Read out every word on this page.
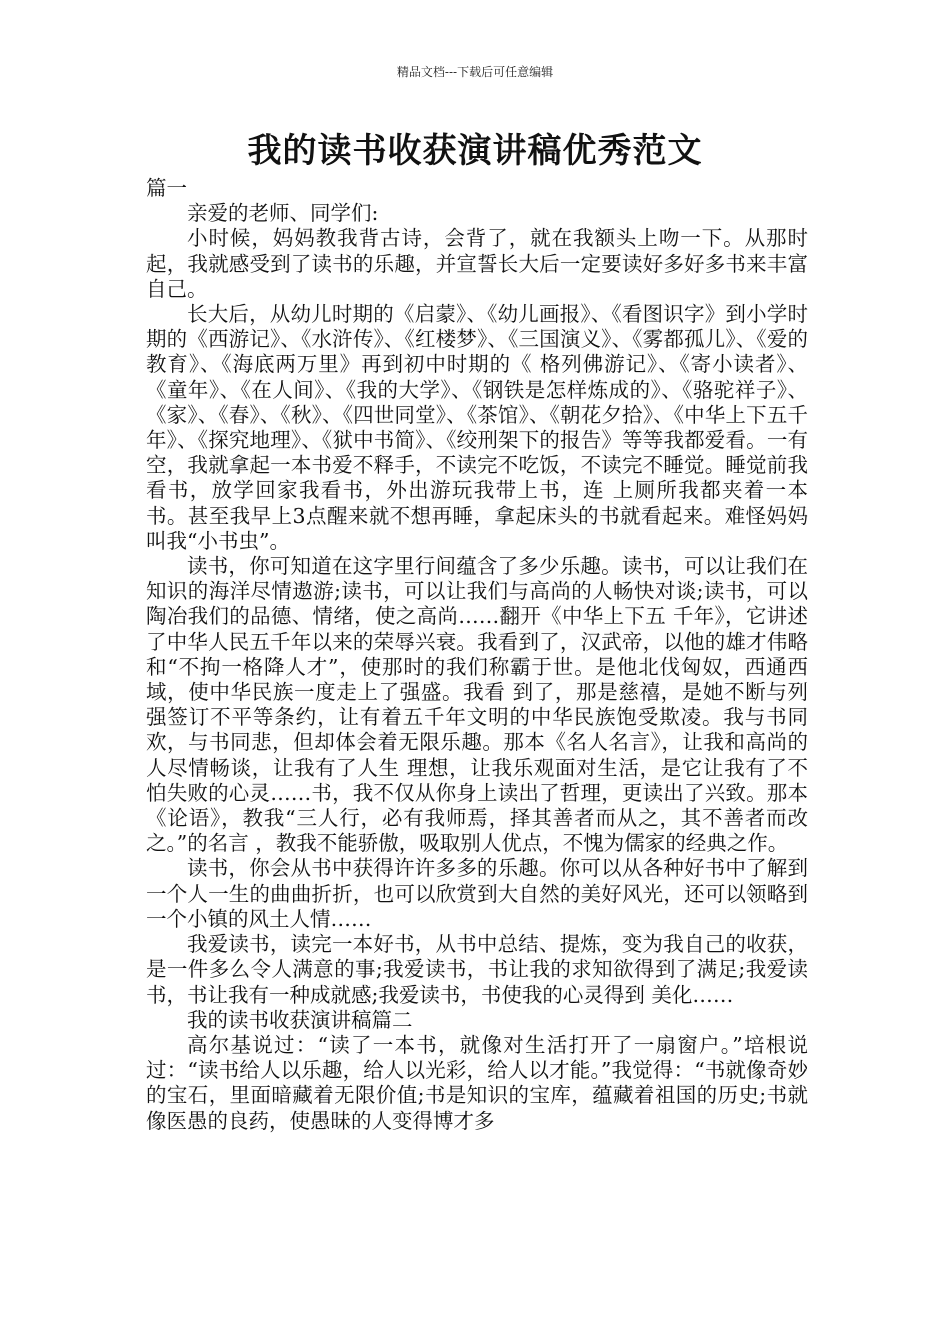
精品文档---下载后可任意编辑
我的读书收获演讲稿优秀范文

篇一

亲爱的老师、同学们:

小时候，妈妈教我背古诗，会背了，就在我额头上吻一下。从那时起，我就感受到了读书的乐趣，并宣誓长大后一定要读好多好多书来丰富自己。

长大后，从幼儿时期的《启蒙》、《幼儿画报》、《看图识字》到小学时期的《西游记》、《水浒传》、《红楼梦》、《三国演义》、《雾都孤儿》、《爱的教育》、《海底两万里》再到初中时期的《 格列佛游记》、《寄小读者》、《童年》、《在人间》、《我的大学》、《钢铁是怎样炼成的》、《骆驼祥子》、《家》、《春》、《秋》、《四世同堂》、《茶馆》、《朝花夕拾》、《中华上下五千 年》、《探究地理》、《狱中书简》、《绞刑架下的报告》等等我都爱看。一有空，我就拿起一本书爱不释手，不读完不吃饭，不读完不睡觉。睡觉前我看书，放学回家我看书，外出游玩我带上书，连 上厕所我都夹着一本书。甚至我早上3点醒来就不想再睡，拿起床头的书就看起来。难怪妈妈叫我“小书虫”。

读书，你可知道在这字里行间蕴含了多少乐趣。读书，可以让我们在知识的海洋尽情遨游;读书，可以让我们与高尚的人畅快对谈;读书，可以陶冶我们的品德、情绪，使之高尚……翻开《中华上下五 千年》，它讲述了中华人民五千年以来的荣辱兴衰。我看到了，汉武帝，以他的雄才伟略和“不拘一格降人才”，使那时的我们称霸于世。是他北伐匈奴，西通西域，使中华民族一度走上了强盛。我看 到了，那是慈禧，是她不断与列强签订不平等条约，让有着五千年文明的中华民族饱受欺凌。我与书同欢，与书同悲，但却体会着无限乐趣。那本《名人名言》，让我和高尚的人尽情畅谈，让我有了人生 理想，让我乐观面对生活，是它让我有了不怕失败的心灵……书，我不仅从你身上读出了哲理，更读出了兴致。那本《论语》，教我“三人行，必有我师焉，择其善者而从之，其不善者而改之。”的名言 ，教我不能骄傲，吸取别人优点，不愧为儒家的经典之作。

读书，你会从书中获得许许多多的乐趣。你可以从各种好书中了解到一个人一生的曲曲折折，也可以欣赏到大自然的美好风光，还可以领略到一个小镇的风土人情……

我爱读书，读完一本好书，从书中总结、提炼，变为我自己的收获，是一件多么令人满意的事;我爱读书，书让我的求知欲得到了满足;我爱读书，书让我有一种成就感;我爱读书，书使我的心灵得到 美化……

我的读书收获演讲稿篇二

高尔基说过：“读了一本书，就像对生活打开了一扇窗户。”培根说过：“读书给人以乐趣，给人以光彩，给人以才能。”我觉得：“书就像奇妙的宝石，里面暗藏着无限价值;书是知识的宝库，蕴藏着祖国的历史;书就像医愚的良药，使愚昧的人变得博才多
